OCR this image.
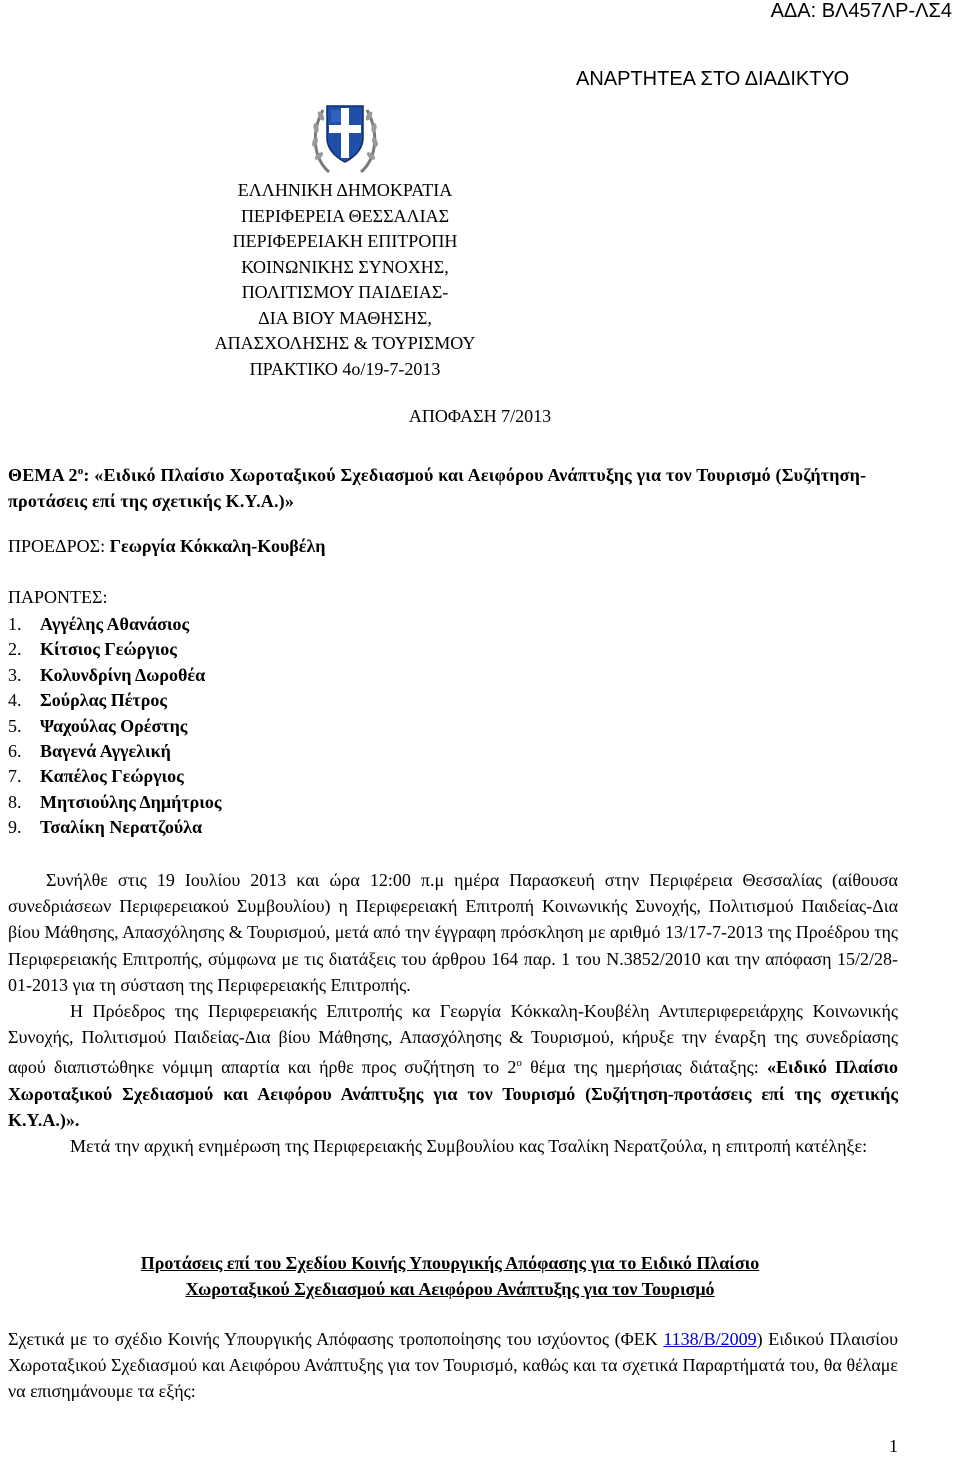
ΑΔΑ: ΒΛ457ΛΡ-ΛΣ4
ΑΝΑΡΤΗΤΕΑ ΣΤΟ ΔΙΑΔΙΚΤΥΟ
ΕΛΛΗΝΙΚΗ ΔΗΜΟΚΡΑΤΙΑ
ΠΕΡΙΦΕΡΕΙΑ ΘΕΣΣΑΛΙΑΣ
ΠΕΡΙΦΕΡΕΙΑΚΗ ΕΠΙΤΡΟΠΗ
ΚΟΙΝΩΝΙΚΗΣ ΣΥΝΟΧΗΣ,
ΠΟΛΙΤΙΣΜΟΥ ΠΑΙΔΕΙΑΣ-
ΔΙΑ ΒΙΟΥ ΜΑΘΗΣΗΣ,
ΑΠΑΣΧΟΛΗΣΗΣ & ΤΟΥΡΙΣΜΟΥ
ΠΡΑΚΤΙΚΟ 4ο/19-7-2013
ΑΠΟΦΑΣΗ 7/2013
ΘΕΜΑ $2^o$: «Ειδικό Πλαίσιο Χωροταξικού Σχεδιασμού και Αειφόρου Ανάπτυξης για τον Τουρισμό (Συζήτηση-προτάσεις επί της σχετικής Κ.Υ.Α.)»
ΠΡΟΕΔΡΟΣ: Γεωργία Κόκκαλη-Κουβέλη
ΠΑΡΟΝΤΕΣ:
1.	Αγγέλης Αθανάσιος
2.	Κίτσιος Γεώργιος
3.	Κολυνδρίνη Δωροθέα
4.	Σούρλας Πέτρος
5.	Ψαχούλας Ορέστης
6.	Βαγενά Αγγελική
7.	Καπέλος Γεώργιος
8.	Μητσιούλης Δημήτριος
9.	Τσαλίκη Νερατζούλα

Συνήλθε στις 19 Ιουλίου 2013 και ώρα 12:00 π.μ ημέρα Παρασκευή στην Περιφέρεια Θεσσαλίας (αίθουσα συνεδριάσεων Περιφερειακού Συμβουλίου) η Περιφερειακή Επιτροπή Κοινωνικής Συνοχής, Πολιτισμού Παιδείας-Δια βίου Μάθησης, Απασχόλησης & Τουρισμού, μετά από την έγγραφη πρόσκληση με αριθμό 13/17-7-2013 της Προέδρου της Περιφερειακής Επιτροπής, σύμφωνα με τις διατάξεις του άρθρου 164 παρ. 1 του Ν.3852/2010 και την απόφαση 15/2/28-01-2013 για τη σύσταση της Περιφερειακής Επιτροπής.

Η Πρόεδρος της Περιφερειακής Επιτροπής κα Γεωργία Κόκκαλη-Κουβέλη Αντιπεριφερειάρχης Κοινωνικής Συνοχής, Πολιτισμού Παιδείας-Δια βίου Μάθησης, Απασχόλησης & Τουρισμού, κήρυξε την έναρξη της συνεδρίασης αφού διαπιστώθηκε νόμιμη απαρτία και ήρθε προς συζήτηση το $2^o$ θέμα της ημερήσιας διάταξης: «Ειδικό Πλαίσιο Χωροταξικού Σχεδιασμού και Αειφόρου Ανάπτυξης για τον Τουρισμό (Συζήτηση-προτάσεις επί της σχετικής Κ.Υ.Α.)».

Μετά την αρχική ενημέρωση της Περιφερειακής Συμβουλίου κας Τσαλίκη Νερατζούλα, η επιτροπή κατέληξε:

Προτάσεις επί του Σχεδίου Κοινής Υπουργικής Απόφασης για το Ειδικό Πλαίσιο
Χωροταξικού Σχεδιασμού και Αειφόρου Ανάπτυξης για τον Τουρισμό

Σχετικά με το σχέδιο Κοινής Υπουργικής Απόφασης τροποποίησης του ισχύοντος (ΦΕΚ 1138/Β/2009) Ειδικού Πλαισίου Χωροταξικού Σχεδιασμού και Αειφόρου Ανάπτυξης για τον Τουρισμό, καθώς και τα σχετικά Παραρτήματά του, θα θέλαμε να επισημάνουμε τα εξής:

1
